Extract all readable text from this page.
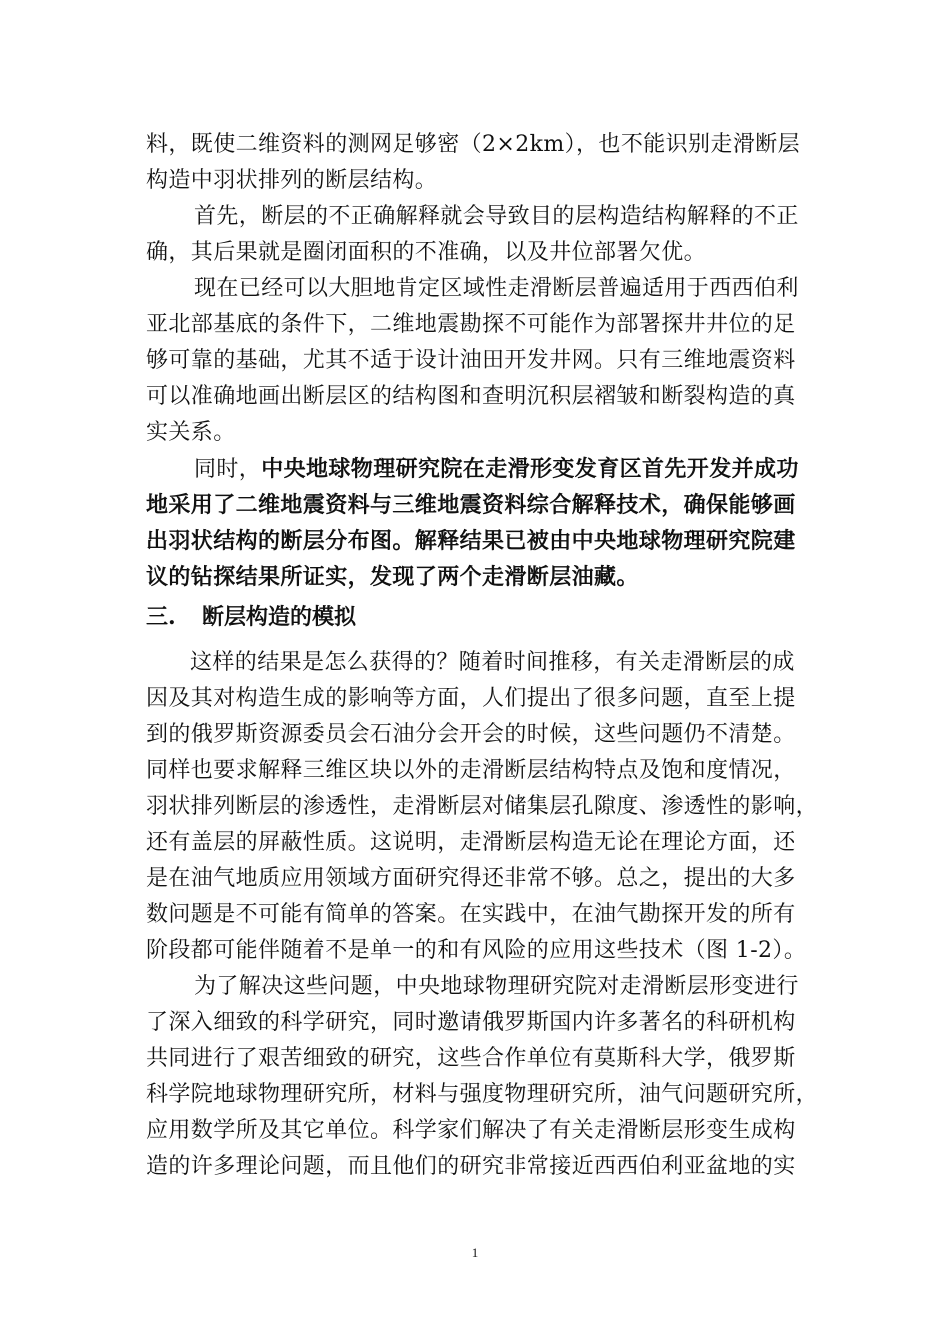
料，既使二维资料的测网足够密（2×2km），也不能识别走滑断层
构造中羽状排列的断层结构。
首先，断层的不正确解释就会导致目的层构造结构解释的不正
确，其后果就是圈闭面积的不准确，以及井位部署欠优。
现在已经可以大胆地肯定区域性走滑断层普遍适用于西西伯利
亚北部基底的条件下，二维地震勘探不可能作为部署探井井位的足
够可靠的基础，尤其不适于设计油田开发井网。只有三维地震资料
可以准确地画出断层区的结构图和查明沉积层褶皱和断裂构造的真
实关系。
同时，中央地球物理研究院在走滑形变发育区首先开发并成功
地采用了二维地震资料与三维地震资料综合解释技术，确保能够画
出羽状结构的断层分布图。解释结果已被由中央地球物理研究院建
议的钻探结果所证实，发现了两个走滑断层油藏。
三. 断层构造的模拟
这样的结果是怎么获得的？随着时间推移，有关走滑断层的成
因及其对构造生成的影响等方面，人们提出了很多问题，直至上提
到的俄罗斯资源委员会石油分会开会的时候，这些问题仍不清楚。
同样也要求解释三维区块以外的走滑断层结构特点及饱和度情况，
羽状排列断层的渗透性，走滑断层对储集层孔隙度、渗透性的影响，
还有盖层的屏蔽性质。这说明，走滑断层构造无论在理论方面，还
是在油气地质应用领域方面研究得还非常不够。总之，提出的大多
数问题是不可能有简单的答案。在实践中，在油气勘探开发的所有
阶段都可能伴随着不是单一的和有风险的应用这些技术（图 1-2）。
为了解决这些问题，中央地球物理研究院对走滑断层形变进行
了深入细致的科学研究，同时邀请俄罗斯国内许多著名的科研机构
共同进行了艰苦细致的研究，这些合作单位有莫斯科大学，俄罗斯
科学院地球物理研究所，材料与强度物理研究所，油气问题研究所，
应用数学所及其它单位。科学家们解决了有关走滑断层形变生成构
造的许多理论问题，而且他们的研究非常接近西西伯利亚盆地的实
1
